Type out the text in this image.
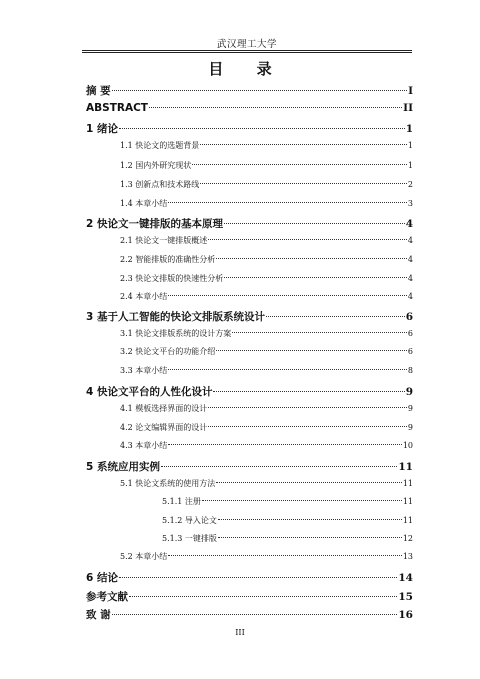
武汉理工大学
目 录
摘 要	I
ABSTRACT	II
1 绪论	1
1.1 快论文的选题背景	1
1.2 国内外研究现状	1
1.3 创新点和技术路线	2
1.4 本章小结	3
2 快论文一键排版的基本原理	4
2.1 快论文一键排版概述	4
2.2 智能排版的准确性分析	4
2.3 快论文排版的快速性分析	4
2.4 本章小结	4
3 基于人工智能的快论文排版系统设计	6
3.1 快论文排版系统的设计方案	6
3.2 快论文平台的功能介绍	6
3.3 本章小结	8
4 快论文平台的人性化设计	9
4.1 模板选择界面的设计	9
4.2 论文编辑界面的设计	9
4.3 本章小结	10
5 系统应用实例	11
5.1 快论文系统的使用方法	11
5.1.1 注册	11
5.1.2 导入论文	11
5.1.3 一键排版	12
5.2 本章小结	13
6 结论	14
参考文献	15
致 谢	16
III
